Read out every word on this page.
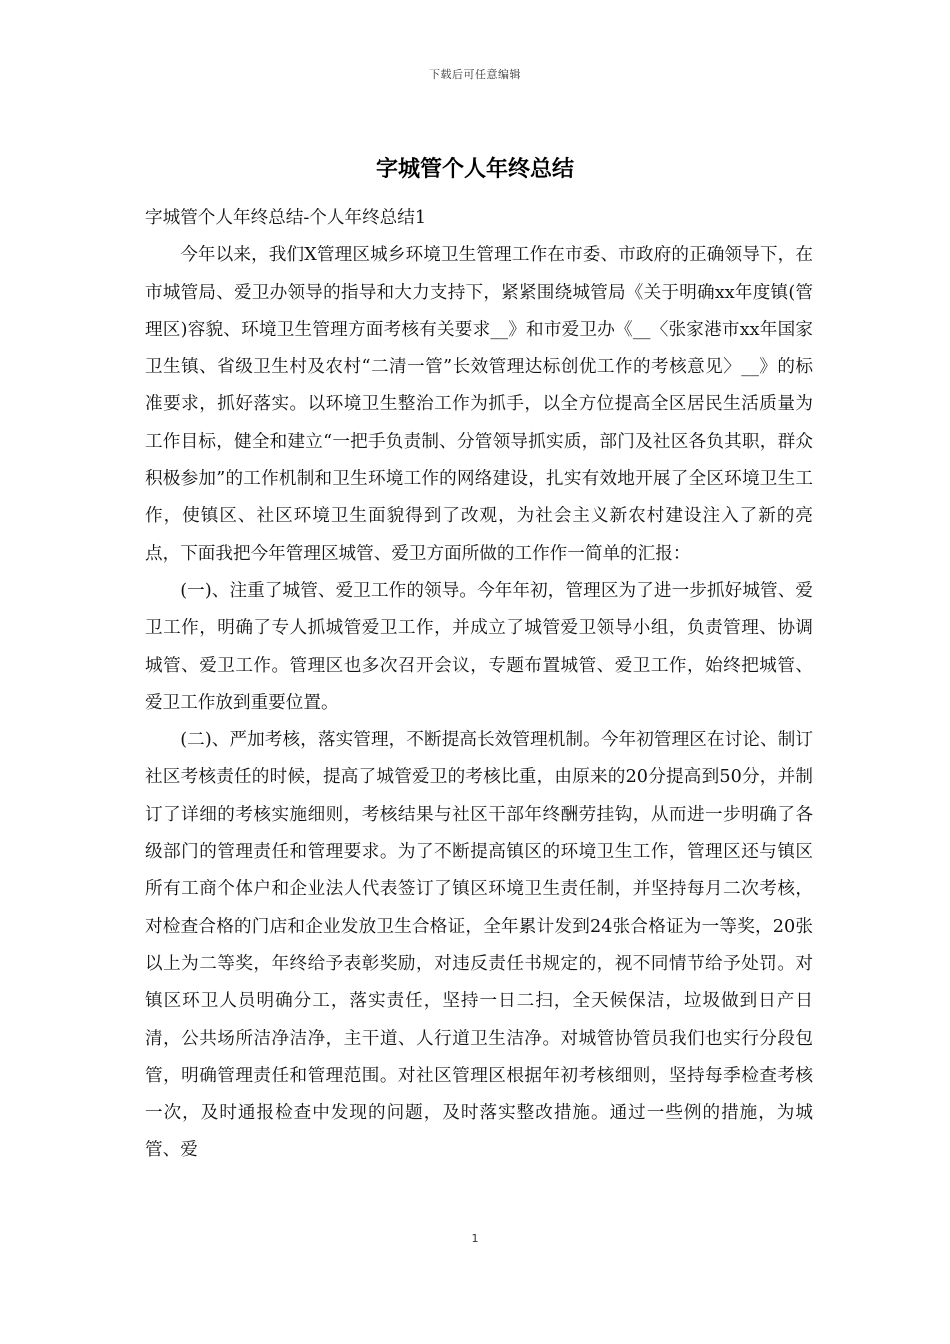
下载后可任意编辑
字城管个人年终总结

字城管个人年终总结-个人年终总结1

今年以来，我们X管理区城乡环境卫生管理工作在市委、市政府的正确领导下，在市城管局、爱卫办领导的指导和大力支持下，紧紧围绕城管局《关于明确xx年度镇(管理区)容貌、环境卫生管理方面考核有关要求__》和市爱卫办《__〈张家港市xx年国家卫生镇、省级卫生村及农村“二清一管”长效管理达标创优工作的考核意见〉__》的标准要求，抓好落实。以环境卫生整治工作为抓手，以全方位提高全区居民生活质量为工作目标，健全和建立“一把手负责制、分管领导抓实质，部门及社区各负其职，群众积极参加”的工作机制和卫生环境工作的网络建设，扎实有效地开展了全区环境卫生工作，使镇区、社区环境卫生面貌得到了改观，为社会主义新农村建设注入了新的亮点，下面我把今年管理区城管、爱卫方面所做的工作作一简单的汇报：

(一)、注重了城管、爱卫工作的领导。今年年初，管理区为了进一步抓好城管、爱卫工作，明确了专人抓城管爱卫工作，并成立了城管爱卫领导小组，负责管理、协调城管、爱卫工作。管理区也多次召开会议，专题布置城管、爱卫工作，始终把城管、爱卫工作放到重要位置。

(二)、严加考核，落实管理，不断提高长效管理机制。今年初管理区在讨论、制订社区考核责任的时候，提高了城管爱卫的考核比重，由原来的20分提高到50分，并制订了详细的考核实施细则，考核结果与社区干部年终酬劳挂钩，从而进一步明确了各级部门的管理责任和管理要求。为了不断提高镇区的环境卫生工作，管理区还与镇区所有工商个体户和企业法人代表签订了镇区环境卫生责任制，并坚持每月二次考核，对检查合格的门店和企业发放卫生合格证，全年累计发到24张合格证为一等奖，20张以上为二等奖，年终给予表彰奖励，对违反责任书规定的，视不同情节给予处罚。对镇区环卫人员明确分工，落实责任，坚持一日二扫，全天候保洁，垃圾做到日产日清，公共场所洁净洁净，主干道、人行道卫生洁净。对城管协管员我们也实行分段包管，明确管理责任和管理范围。对社区管理区根据年初考核细则，坚持每季检查考核一次，及时通报检查中发现的问题，及时落实整改措施。通过一些例的措施，为城管、爱

1
